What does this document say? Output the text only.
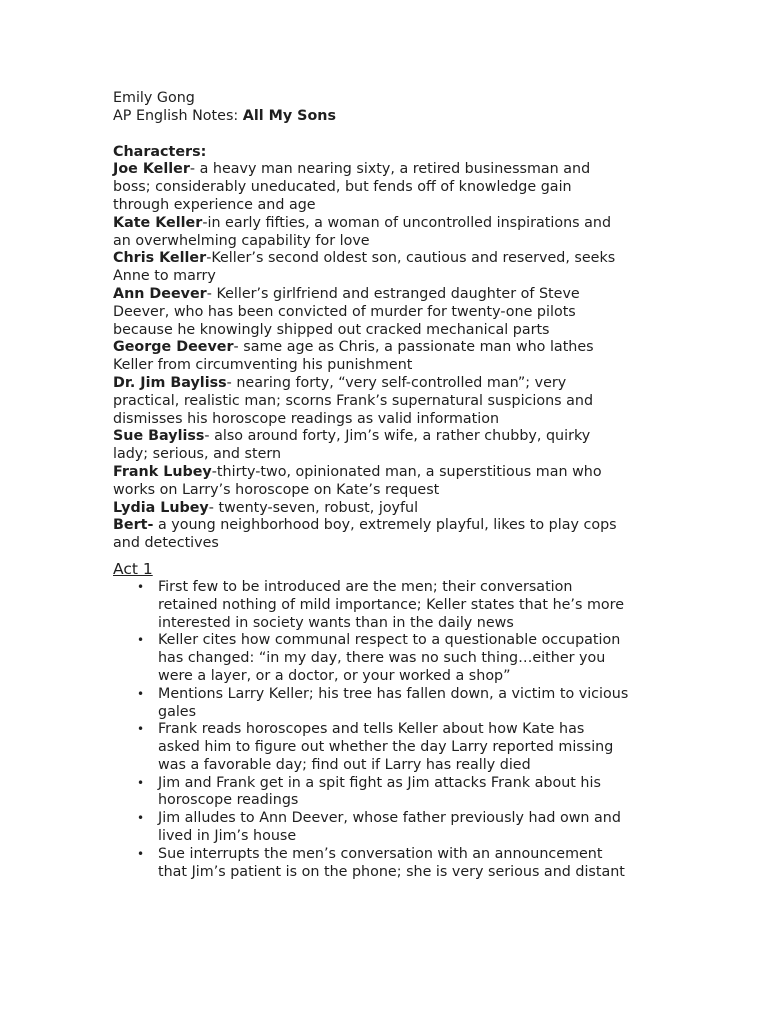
Emily Gong
AP English Notes: All My Sons
Characters:
Joe Keller- a heavy man nearing sixty, a retired businessman and
boss; considerably uneducated, but fends off of knowledge gain
through experience and age
Kate Keller-in early fifties, a woman of uncontrolled inspirations and
an overwhelming capability for love
Chris Keller-Keller’s second oldest son, cautious and reserved, seeks
Anne to marry
Ann Deever- Keller’s girlfriend and estranged daughter of Steve
Deever, who has been convicted of murder for twenty-one pilots
because he knowingly shipped out cracked mechanical parts
George Deever- same age as Chris, a passionate man who lathes
Keller from circumventing his punishment
Dr. Jim Bayliss- nearing forty, “very self-controlled man”; very
practical, realistic man; scorns Frank’s supernatural suspicions and
dismisses his horoscope readings as valid information
Sue Bayliss- also around forty, Jim’s wife, a rather chubby, quirky
lady; serious, and stern
Frank Lubey-thirty-two, opinionated man, a superstitious man who
works on Larry’s horoscope on Kate’s request
Lydia Lubey- twenty-seven, robust, joyful
Bert- a young neighborhood boy, extremely playful, likes to play cops
and detectives
Act 1
• First few to be introduced are the men; their conversation
retained nothing of mild importance; Keller states that he’s more
interested in society wants than in the daily news
• Keller cites how communal respect to a questionable occupation
has changed: “in my day, there was no such thing…either you
were a layer, or a doctor, or your worked a shop”
• Mentions Larry Keller; his tree has fallen down, a victim to vicious
gales
• Frank reads horoscopes and tells Keller about how Kate has
asked him to figure out whether the day Larry reported missing
was a favorable day; find out if Larry has really died
• Jim and Frank get in a spit fight as Jim attacks Frank about his
horoscope readings
• Jim alludes to Ann Deever, whose father previously had own and
lived in Jim’s house
• Sue interrupts the men’s conversation with an announcement
that Jim’s patient is on the phone; she is very serious and distant
